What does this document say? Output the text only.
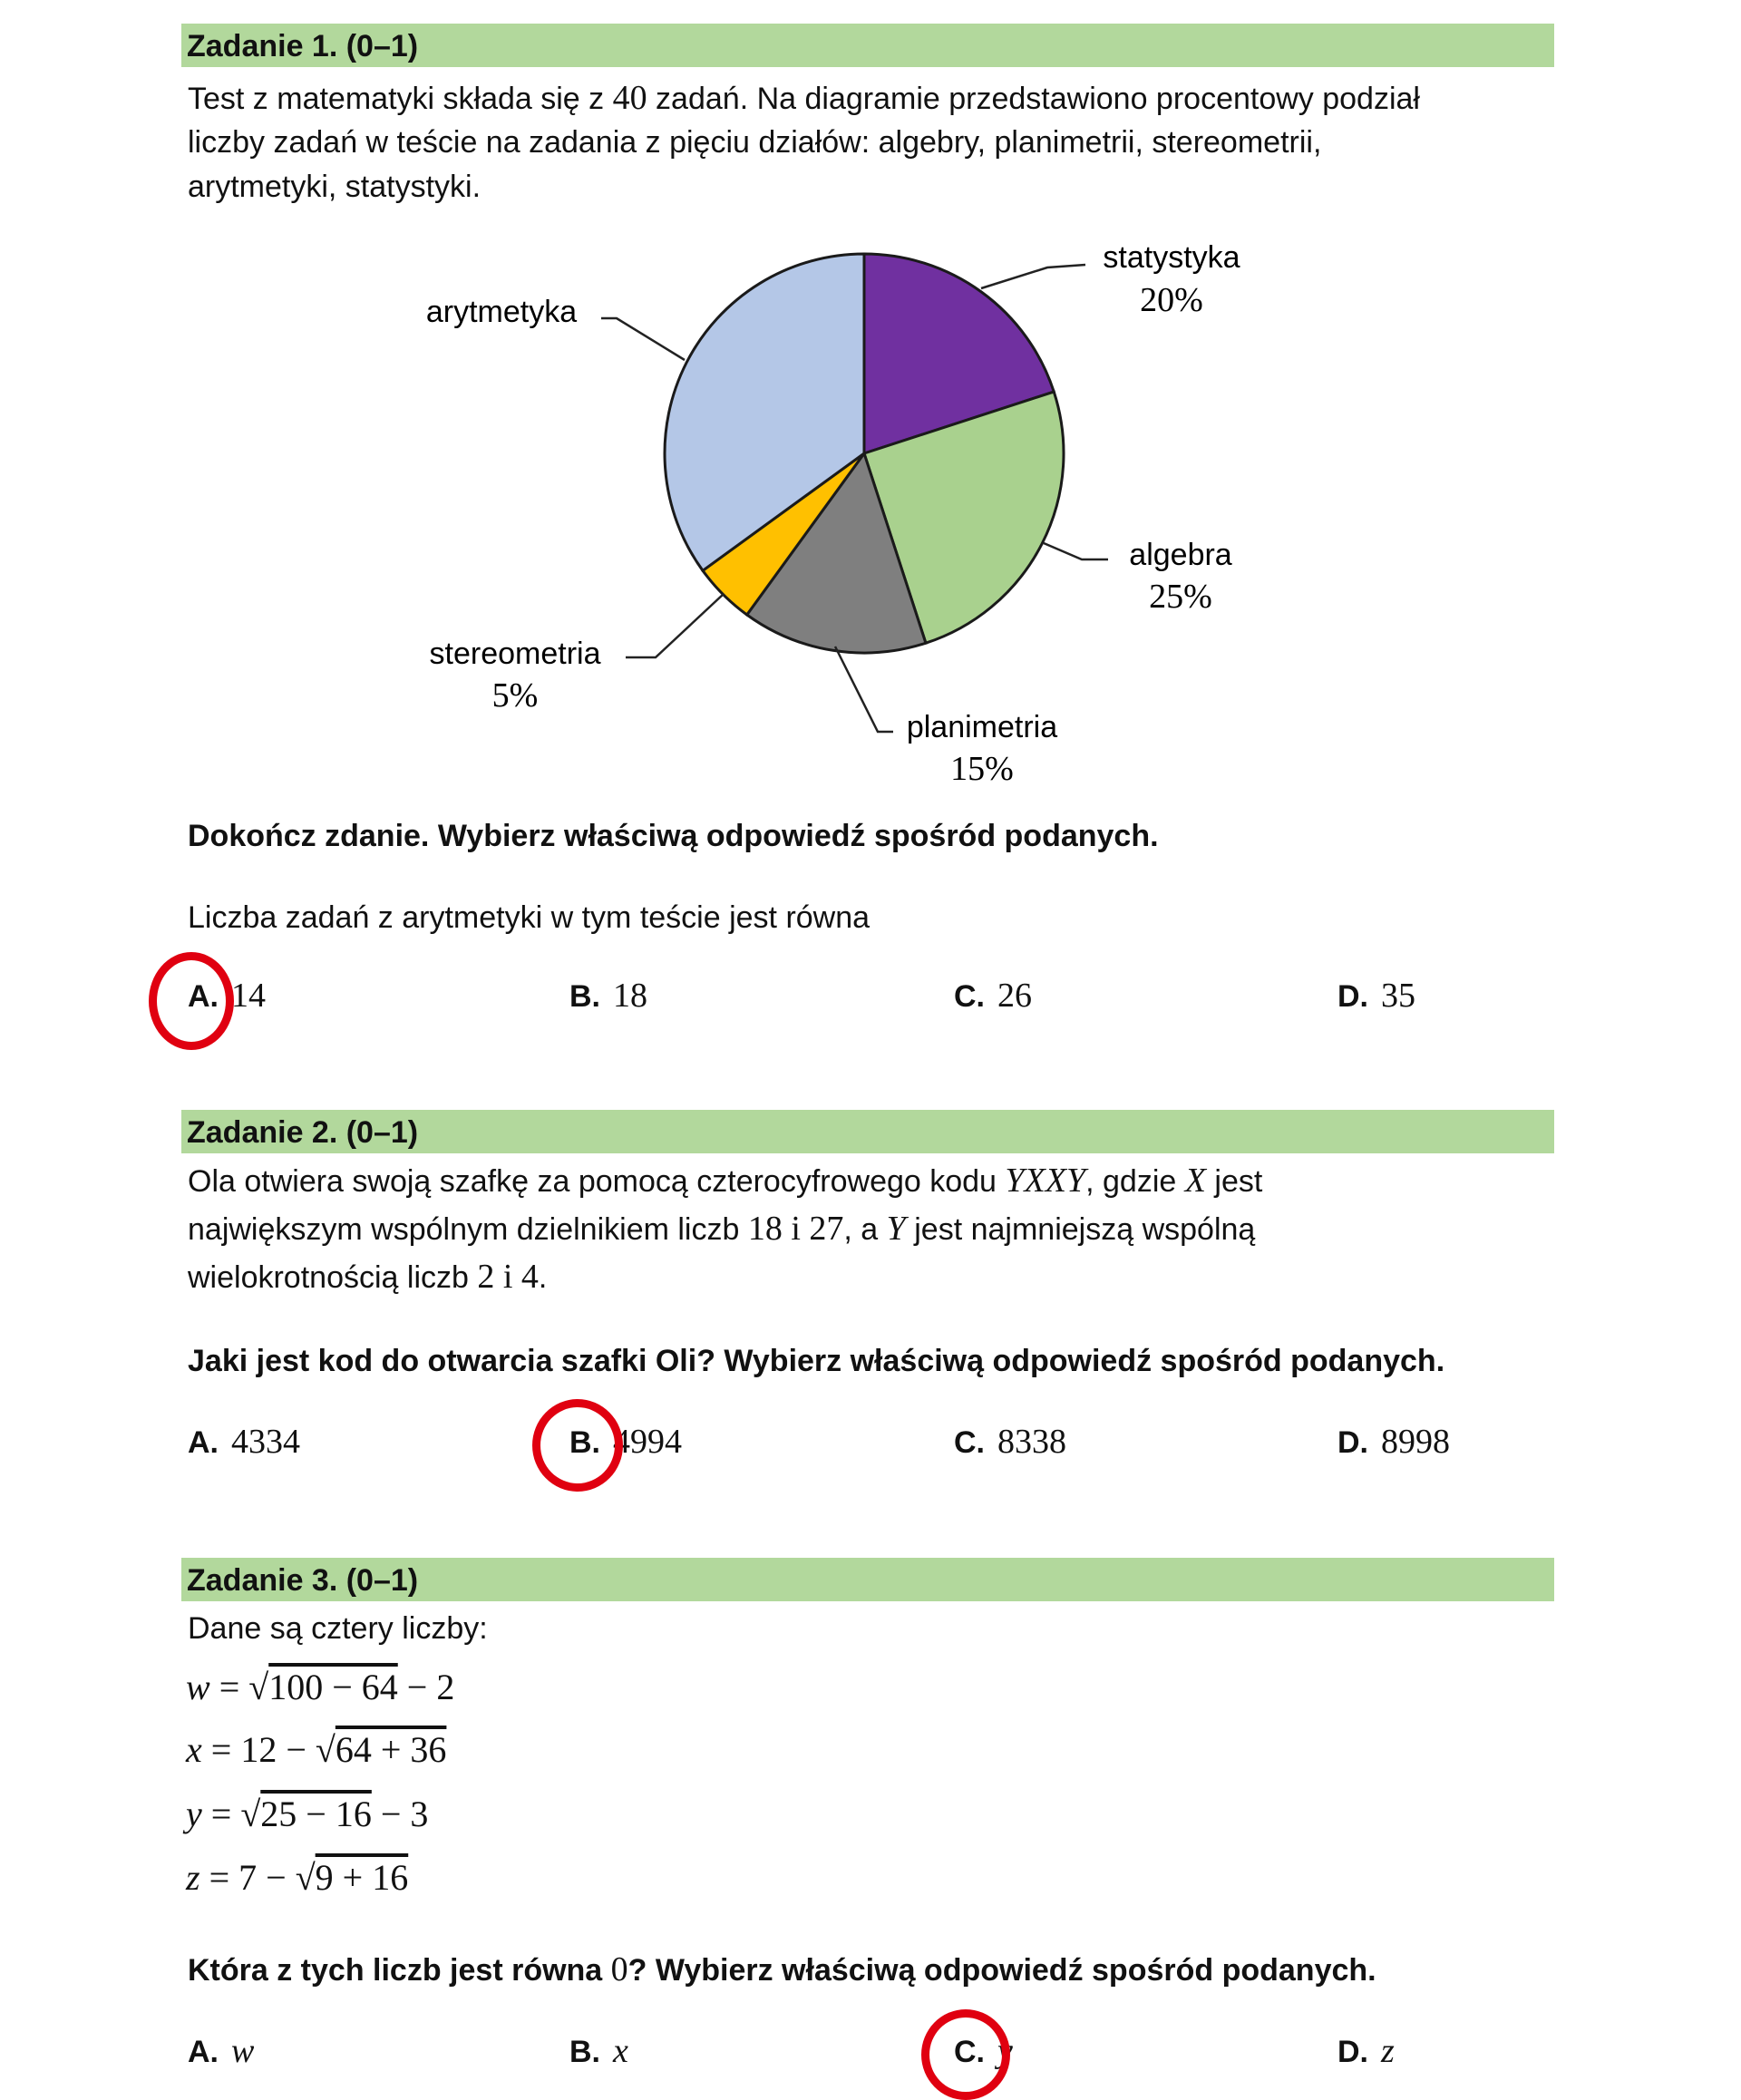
Zadanie 1. (0–1)
Test z matematyki składa się z 40 zadań. Na diagramie przedstawiono procentowy podział
liczby zadań w teście na zadania z pięciu działów: algebry, planimetrii, stereometrii,
arytmetyki, statystyki.
statystyka
20%
algebra
25%
planimetria
15%
stereometria
5%
arytmetyka
Dokończ zdanie. Wybierz właściwą odpowiedź spośród podanych.
Liczba zadań z arytmetyki w tym teście jest równa
A. 14	B. 18	C. 26	D. 35
Zadanie 2. (0–1)
Ola otwiera swoją szafkę za pomocą czterocyfrowego kodu YXXY, gdzie X jest
największym wspólnym dzielnikiem liczb 18 i 27, a Y jest najmniejszą wspólną
wielokrotnością liczb 2 i 4.
Jaki jest kod do otwarcia szafki Oli? Wybierz właściwą odpowiedź spośród podanych.
A. 4334	B. 4994	C. 8338	D. 8998
Zadanie 3. (0–1)
Dane są cztery liczby:
w = √100 − 64 − 2
x = 12 − √64 + 36
y = √25 − 16 − 3
z = 7 − √9 + 16
Która z tych liczb jest równa 0? Wybierz właściwą odpowiedź spośród podanych.
A. w	B. x	C. y	D. z
